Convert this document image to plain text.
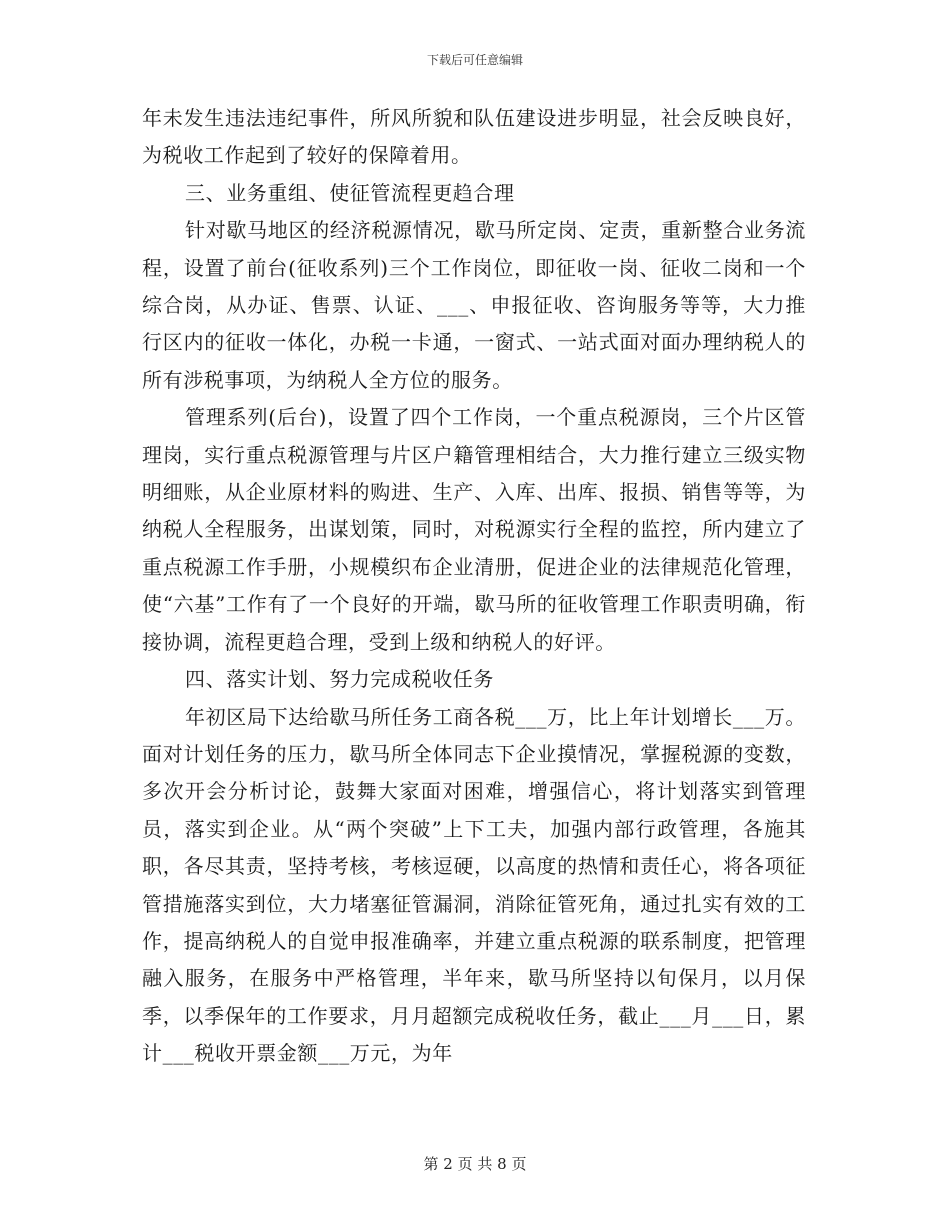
下载后可任意编辑

年未发生违法违纪事件，所风所貌和队伍建设进步明显，社会反映良好，为税收工作起到了较好的保障着用。

三、业务重组、使征管流程更趋合理

针对歇马地区的经济税源情况，歇马所定岗、定责，重新整合业务流程，设置了前台(征收系列)三个工作岗位，即征收一岗、征收二岗和一个综合岗，从办证、售票、认证、___、申报征收、咨询服务等等，大力推行区内的征收一体化，办税一卡通，一窗式、一站式面对面办理纳税人的所有涉税事项，为纳税人全方位的服务。

管理系列(后台)，设置了四个工作岗，一个重点税源岗，三个片区管理岗，实行重点税源管理与片区户籍管理相结合，大力推行建立三级实物明细账，从企业原材料的购进、生产、入库、出库、报损、销售等等，为纳税人全程服务，出谋划策，同时，对税源实行全程的监控，所内建立了重点税源工作手册，小规模织布企业清册，促进企业的法律规范化管理，使“六基”工作有了一个良好的开端，歇马所的征收管理工作职责明确，衔接协调，流程更趋合理，受到上级和纳税人的好评。

四、落实计划、努力完成税收任务

年初区局下达给歇马所任务工商各税___万，比上年计划增长___万。面对计划任务的压力，歇马所全体同志下企业摸情况，掌握税源的变数，多次开会分析讨论，鼓舞大家面对困难，增强信心，将计划落实到管理员，落实到企业。从“两个突破”上下工夫，加强内部行政管理，各施其职，各尽其责，坚持考核，考核逗硬，以高度的热情和责任心，将各项征管措施落实到位，大力堵塞征管漏洞，消除征管死角，通过扎实有效的工作，提高纳税人的自觉申报准确率，并建立重点税源的联系制度，把管理融入服务，在服务中严格管理，半年来，歇马所坚持以旬保月，以月保季，以季保年的工作要求，月月超额完成税收任务，截止___月___日，累计___税收开票金额___万元，为年

第 2 页 共 8 页
